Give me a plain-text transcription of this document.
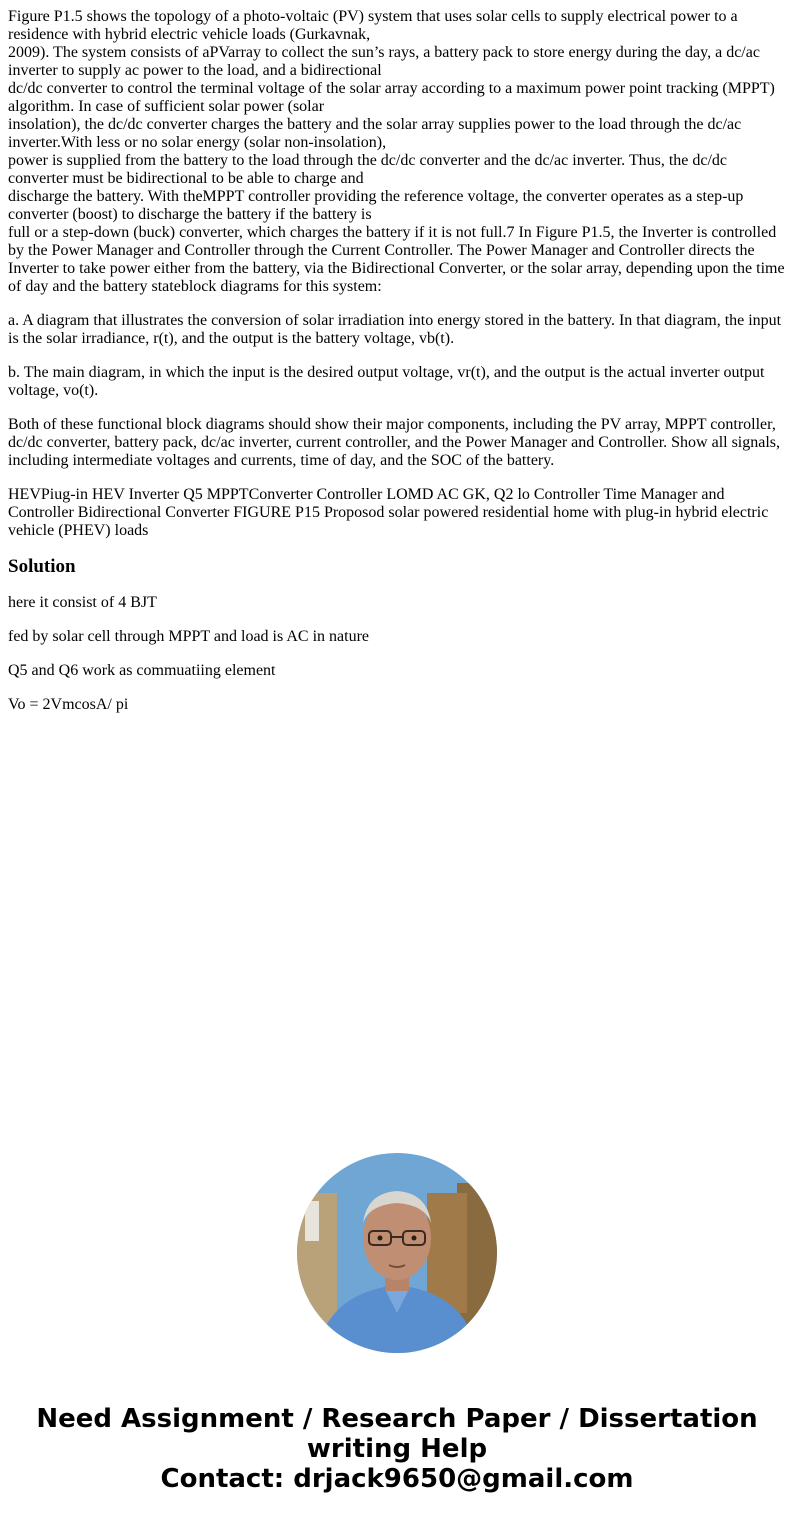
Figure P1.5 shows the topology of a photo-voltaic (PV) system that uses solar cells to supply electrical power to a residence with hybrid electric vehicle loads (Gurkavnak,
2009). The system consists of aPVarray to collect the sun’s rays, a battery pack to store energy during the day, a dc/ac inverter to supply ac power to the load, and a bidirectional
dc/dc converter to control the terminal voltage of the solar array according to a maximum power point tracking (MPPT) algorithm. In case of sufficient solar power (solar
insolation), the dc/dc converter charges the battery and the solar array supplies power to the load through the dc/ac inverter.With less or no solar energy (solar non-insolation),
power is supplied from the battery to the load through the dc/dc converter and the dc/ac inverter. Thus, the dc/dc converter must be bidirectional to be able to charge and
discharge the battery. With theMPPT controller providing the reference voltage, the converter operates as a step-up converter (boost) to discharge the battery if the battery is
full or a step-down (buck) converter, which charges the battery if it is not full.7 In Figure P1.5, the Inverter is controlled by the Power Manager and Controller through the Current Controller. The Power Manager and Controller directs the Inverter to take power either from the battery, via the Bidirectional Converter, or the solar array, depending upon the time of day and the battery stateblock diagrams for this system:

a. A diagram that illustrates the conversion of solar irradiation into energy stored in the battery. In that diagram, the input is the solar irradiance, r(t), and the output is the battery voltage, vb(t).

b. The main diagram, in which the input is the desired output voltage, vr(t), and the output is the actual inverter output voltage, vo(t).

Both of these functional block diagrams should show their major components, including the PV array, MPPT controller, dc/dc converter, battery pack, dc/ac inverter, current controller, and the Power Manager and Controller. Show all signals, including intermediate voltages and currents, time of day, and the SOC of the battery.

HEVPiug-in HEV Inverter Q5 MPPTConverter Controller LOMD AC GK, Q2 lo Controller Time Manager and Controller Bidirectional Converter FIGURE P15 Proposod solar powered residential home with plug-in hybrid electric vehicle (PHEV) loads

Solution

here it consist of 4 BJT

fed by solar cell through MPPT and load is AC in nature

Q5 and Q6 work as commuatiing element

Vo = 2VmcosA/ pi

Need Assignment / Research Paper / Dissertation
writing Help
Contact: drjack9650@gmail.com
